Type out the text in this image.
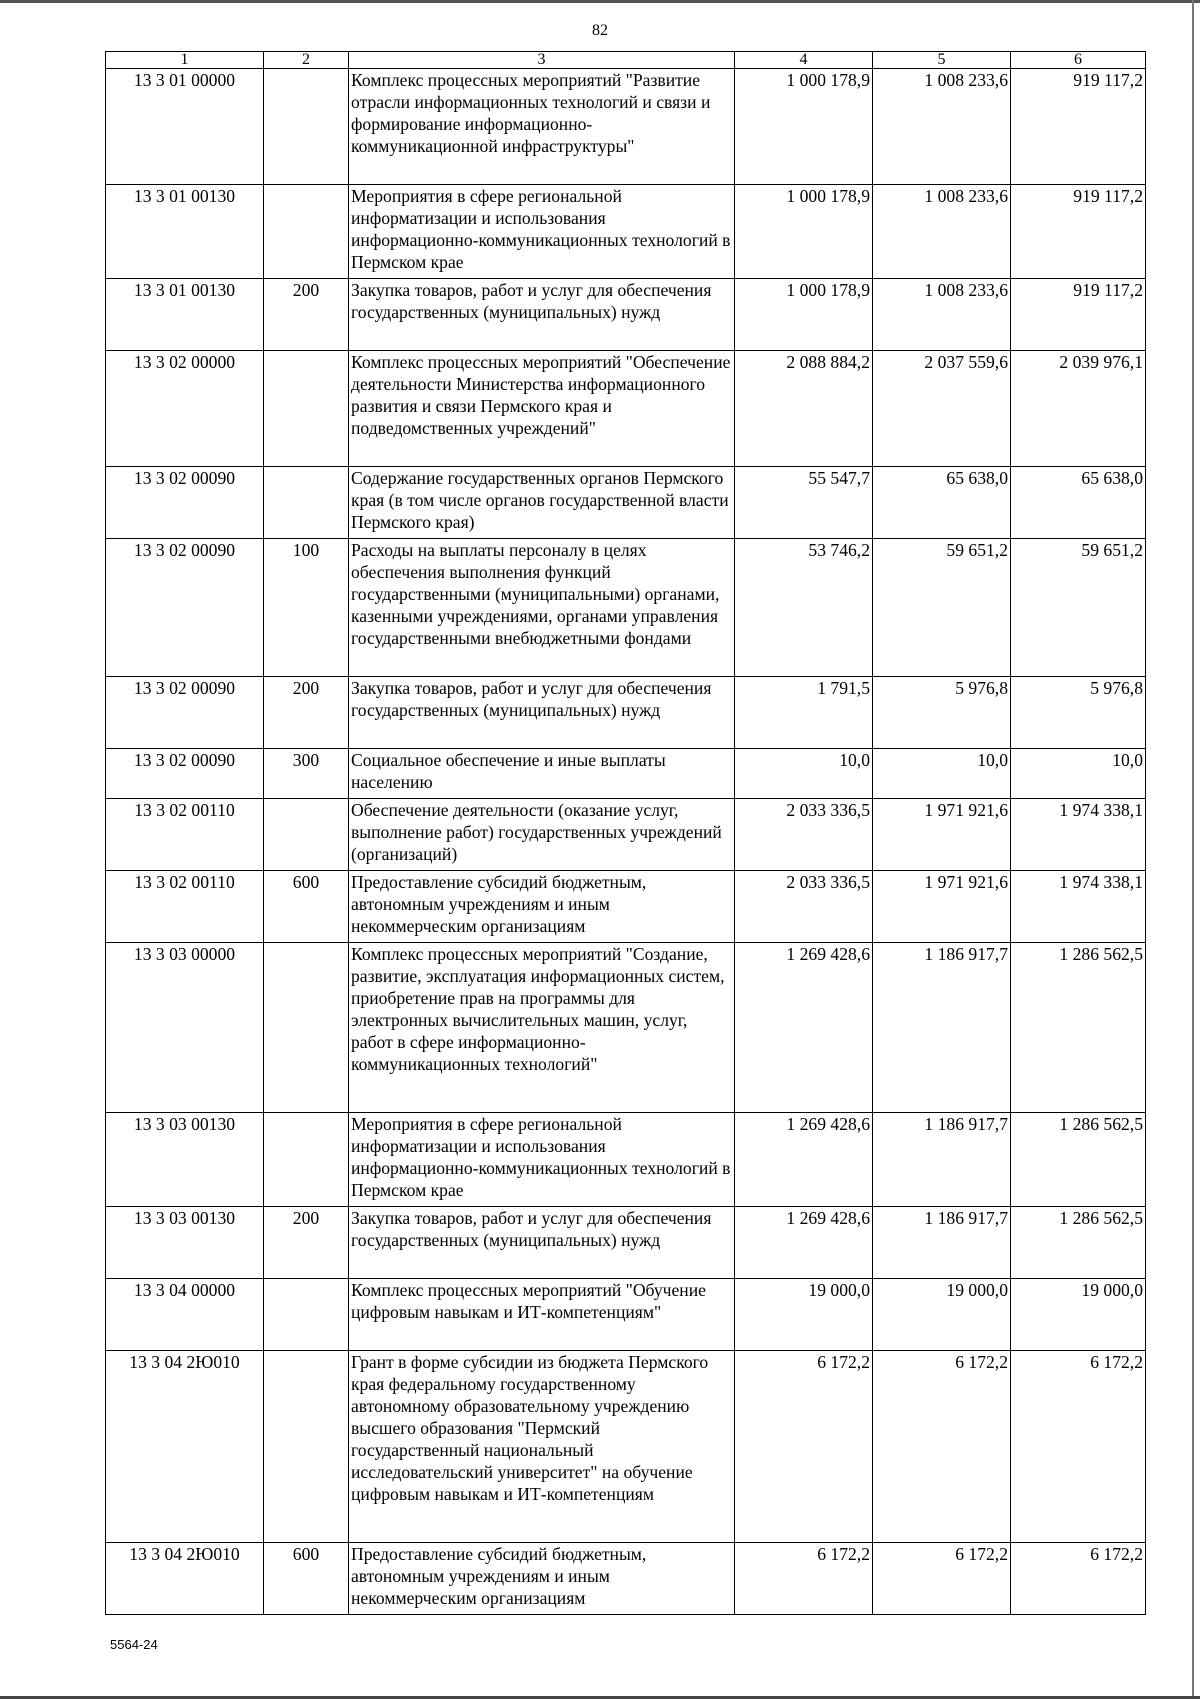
82
1	2	3	4	5	6
13 3 01 00000		Комплекс процессных мероприятий "Развитие отрасли информационных технологий и связи и формирование информационно-коммуникационной инфраструктуры"	1 000 178,9	1 008 233,6	919 117,2
13 3 01 00130		Мероприятия в сфере региональной информатизации и использования информационно-коммуникационных технологий в Пермском крае	1 000 178,9	1 008 233,6	919 117,2
13 3 01 00130	200	Закупка товаров, работ и услуг для обеспечения государственных (муниципальных) нужд	1 000 178,9	1 008 233,6	919 117,2
13 3 02 00000		Комплекс процессных мероприятий "Обеспечение деятельности Министерства информационного развития и связи Пермского края и подведомственных учреждений"	2 088 884,2	2 037 559,6	2 039 976,1
13 3 02 00090		Содержание государственных органов Пермского края (в том числе органов государственной власти Пермского края)	55 547,7	65 638,0	65 638,0
13 3 02 00090	100	Расходы на выплаты персоналу в целях обеспечения выполнения функций государственными (муниципальными) органами, казенными учреждениями, органами управления государственными внебюджетными фондами	53 746,2	59 651,2	59 651,2
13 3 02 00090	200	Закупка товаров, работ и услуг для обеспечения государственных (муниципальных) нужд	1 791,5	5 976,8	5 976,8
13 3 02 00090	300	Социальное обеспечение и иные выплаты населению	10,0	10,0	10,0
13 3 02 00110		Обеспечение деятельности (оказание услуг, выполнение работ) государственных учреждений (организаций)	2 033 336,5	1 971 921,6	1 974 338,1
13 3 02 00110	600	Предоставление субсидий бюджетным, автономным учреждениям и иным некоммерческим организациям	2 033 336,5	1 971 921,6	1 974 338,1
13 3 03 00000		Комплекс процессных мероприятий "Создание, развитие, эксплуатация информационных систем, приобретение прав на программы для электронных вычислительных машин, услуг, работ в сфере информационно-коммуникационных технологий"	1 269 428,6	1 186 917,7	1 286 562,5
13 3 03 00130		Мероприятия в сфере региональной информатизации и использования информационно-коммуникационных технологий в Пермском крае	1 269 428,6	1 186 917,7	1 286 562,5
13 3 03 00130	200	Закупка товаров, работ и услуг для обеспечения государственных (муниципальных) нужд	1 269 428,6	1 186 917,7	1 286 562,5
13 3 04 00000		Комплекс процессных мероприятий "Обучение цифровым навыкам и ИТ-компетенциям"	19 000,0	19 000,0	19 000,0
13 3 04 2Ю010		Грант в форме субсидии из бюджета Пермского края федеральному государственному автономному образовательному учреждению высшего образования "Пермский государственный национальный исследовательский университет" на обучение цифровым навыкам и ИТ-компетенциям	6 172,2	6 172,2	6 172,2
13 3 04 2Ю010	600	Предоставление субсидий бюджетным, автономным учреждениям и иным некоммерческим организациям	6 172,2	6 172,2	6 172,2
5564-24
